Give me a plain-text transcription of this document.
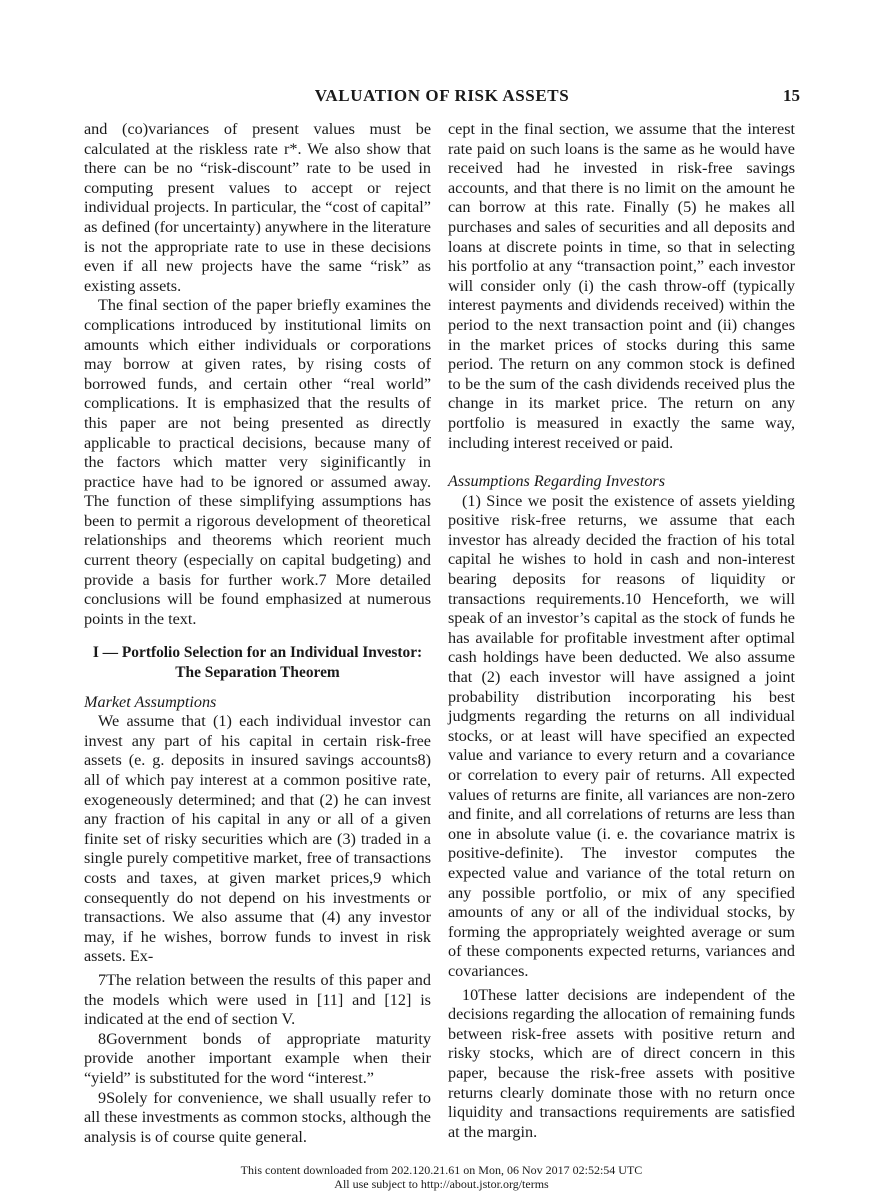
VALUATION OF RISK ASSETS	15

and (co)variances of present values must be calculated at the riskless rate r*. We also show that there can be no “risk-discount” rate to be used in computing present values to accept or reject individual projects. In particular, the “cost of capital” as defined (for uncertainty) anywhere in the literature is not the appropriate rate to use in these decisions even if all new projects have the same “risk” as existing assets.

The final section of the paper briefly examines the complications introduced by institutional limits on amounts which either individuals or corporations may borrow at given rates, by rising costs of borrowed funds, and certain other “real world” complications. It is emphasized that the results of this paper are not being presented as directly applicable to practical decisions, because many of the factors which matter very siginificantly in practice have had to be ignored or assumed away. The function of these simplifying assumptions has been to permit a rigorous development of theoretical relationships and theorems which reorient much current theory (especially on capital budgeting) and provide a basis for further work.7 More detailed conclusions will be found emphasized at numerous points in the text.

I — Portfolio Selection for an Individual Investor:
The Separation Theorem
Market Assumptions

We assume that (1) each individual investor can invest any part of his capital in certain risk-free assets (e. g. deposits in insured savings accounts8) all of which pay interest at a common positive rate, exogeneously determined; and that (2) he can invest any fraction of his capital in any or all of a given finite set of risky securities which are (3) traded in a single purely competitive market, free of transactions costs and taxes, at given market prices,9 which consequently do not depend on his investments or transactions. We also assume that (4) any investor may, if he wishes, borrow funds to invest in risk assets. Ex-

7The relation between the results of this paper and the models which were used in [11] and [12] is indicated at the end of section V.

8Government bonds of appropriate maturity provide another important example when their “yield” is substituted for the word “interest.”

9Solely for convenience, we shall usually refer to all these investments as common stocks, although the analysis is of course quite general.

cept in the final section, we assume that the interest rate paid on such loans is the same as he would have received had he invested in risk-free savings accounts, and that there is no limit on the amount he can borrow at this rate. Finally (5) he makes all purchases and sales of securities and all deposits and loans at discrete points in time, so that in selecting his portfolio at any “transaction point,” each investor will consider only (i) the cash throw-off (typically interest payments and dividends received) within the period to the next transaction point and (ii) changes in the market prices of stocks during this same period. The return on any common stock is defined to be the sum of the cash dividends received plus the change in its market price. The return on any portfolio is measured in exactly the same way, including interest received or paid.

Assumptions Regarding Investors

(1) Since we posit the existence of assets yielding positive risk-free returns, we assume that each investor has already decided the fraction of his total capital he wishes to hold in cash and non-interest bearing deposits for reasons of liquidity or transactions requirements.10 Henceforth, we will speak of an investor’s capital as the stock of funds he has available for profitable investment after optimal cash holdings have been deducted. We also assume that (2) each investor will have assigned a joint probability distribution incorporating his best judgments regarding the returns on all individual stocks, or at least will have specified an expected value and variance to every return and a covariance or correlation to every pair of returns. All expected values of returns are finite, all variances are non-zero and finite, and all correlations of returns are less than one in absolute value (i. e. the covariance matrix is positive-definite). The investor computes the expected value and variance of the total return on any possible portfolio, or mix of any specified amounts of any or all of the individual stocks, by forming the appropriately weighted average or sum of these components expected returns, variances and covariances.

10These latter decisions are independent of the decisions regarding the allocation of remaining funds between risk-free assets with positive return and risky stocks, which are of direct concern in this paper, because the risk-free assets with positive returns clearly dominate those with no return once liquidity and transactions requirements are satisfied at the margin.

This content downloaded from 202.120.21.61 on Mon, 06 Nov 2017 02:52:54 UTC
All use subject to http://about.jstor.org/terms
